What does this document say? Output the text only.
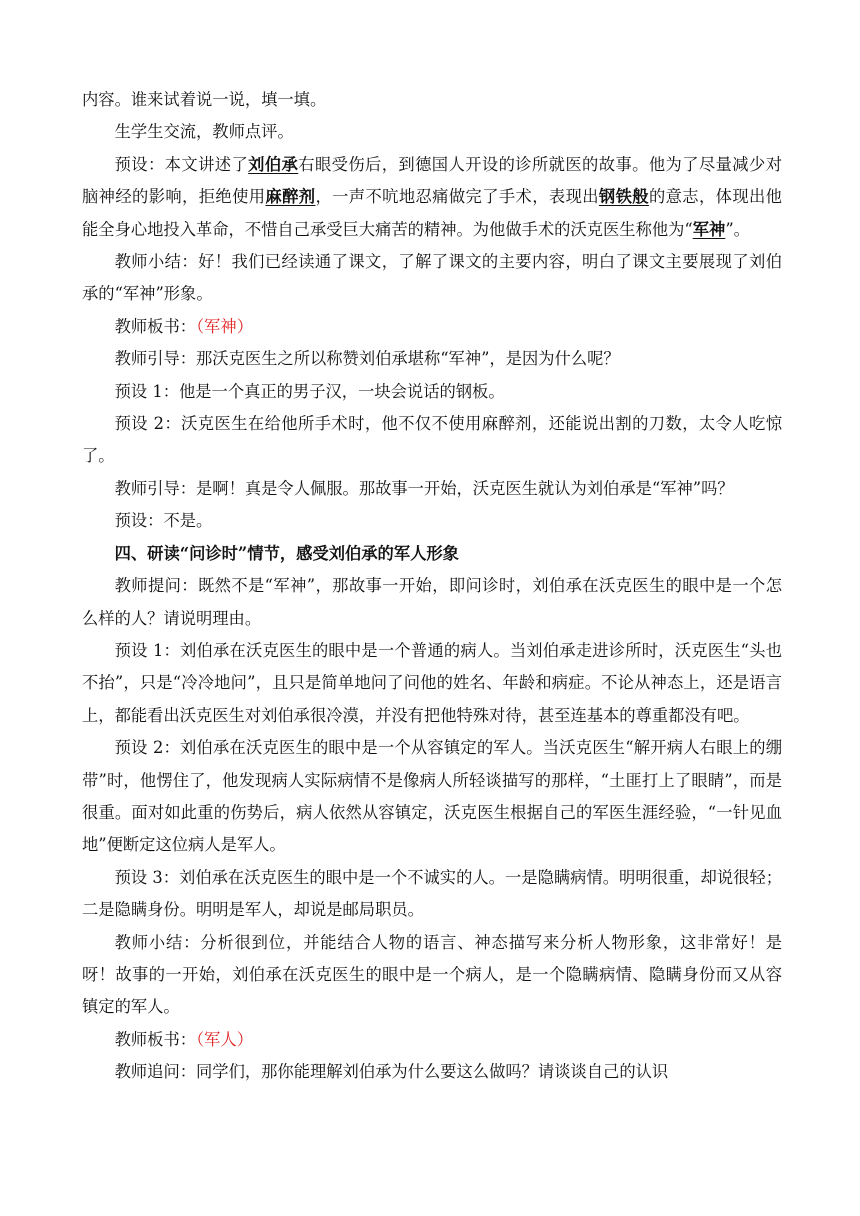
内容。谁来试着说一说，填一填。

生学生交流，教师点评。

预设：本文讲述了刘伯承右眼受伤后，到德国人开设的诊所就医的故事。他为了尽量减少对脑神经的影响，拒绝使用麻醉剂，一声不吭地忍痛做完了手术，表现出钢铁般的意志，体现出他能全身心地投入革命，不惜自己承受巨大痛苦的精神。为他做手术的沃克医生称他为“军神”。

教师小结：好！我们已经读通了课文，了解了课文的主要内容，明白了课文主要展现了刘伯承的“军神”形象。

教师板书：（军神）

教师引导：那沃克医生之所以称赞刘伯承堪称“军神”，是因为什么呢？

预设 1：他是一个真正的男子汉，一块会说话的钢板。

预设 2：沃克医生在给他所手术时，他不仅不使用麻醉剂，还能说出割的刀数，太令人吃惊了。

教师引导：是啊！真是令人佩服。那故事一开始，沃克医生就认为刘伯承是“军神”吗？

预设：不是。

四、研读“问诊时”情节，感受刘伯承的军人形象

教师提问：既然不是“军神”，那故事一开始，即问诊时，刘伯承在沃克医生的眼中是一个怎么样的人？请说明理由。

预设 1：刘伯承在沃克医生的眼中是一个普通的病人。当刘伯承走进诊所时，沃克医生“头也不抬”，只是“冷冷地问”，且只是简单地问了问他的姓名、年龄和病症。不论从神态上，还是语言上，都能看出沃克医生对刘伯承很冷漠，并没有把他特殊对待，甚至连基本的尊重都没有吧。

预设 2：刘伯承在沃克医生的眼中是一个从容镇定的军人。当沃克医生“解开病人右眼上的绷带”时，他愣住了，他发现病人实际病情不是像病人所轻谈描写的那样，“土匪打上了眼睛”，而是很重。面对如此重的伤势后，病人依然从容镇定，沃克医生根据自己的军医生涯经验，“一针见血地”便断定这位病人是军人。

预设 3：刘伯承在沃克医生的眼中是一个不诚实的人。一是隐瞒病情。明明很重，却说很轻；二是隐瞒身份。明明是军人，却说是邮局职员。

教师小结：分析很到位，并能结合人物的语言、神态描写来分析人物形象，这非常好！是呀！故事的一开始，刘伯承在沃克医生的眼中是一个病人，是一个隐瞒病情、隐瞒身份而又从容镇定的军人。

教师板书：（军人）

教师追问：同学们，那你能理解刘伯承为什么要这么做吗？请谈谈自己的认识
